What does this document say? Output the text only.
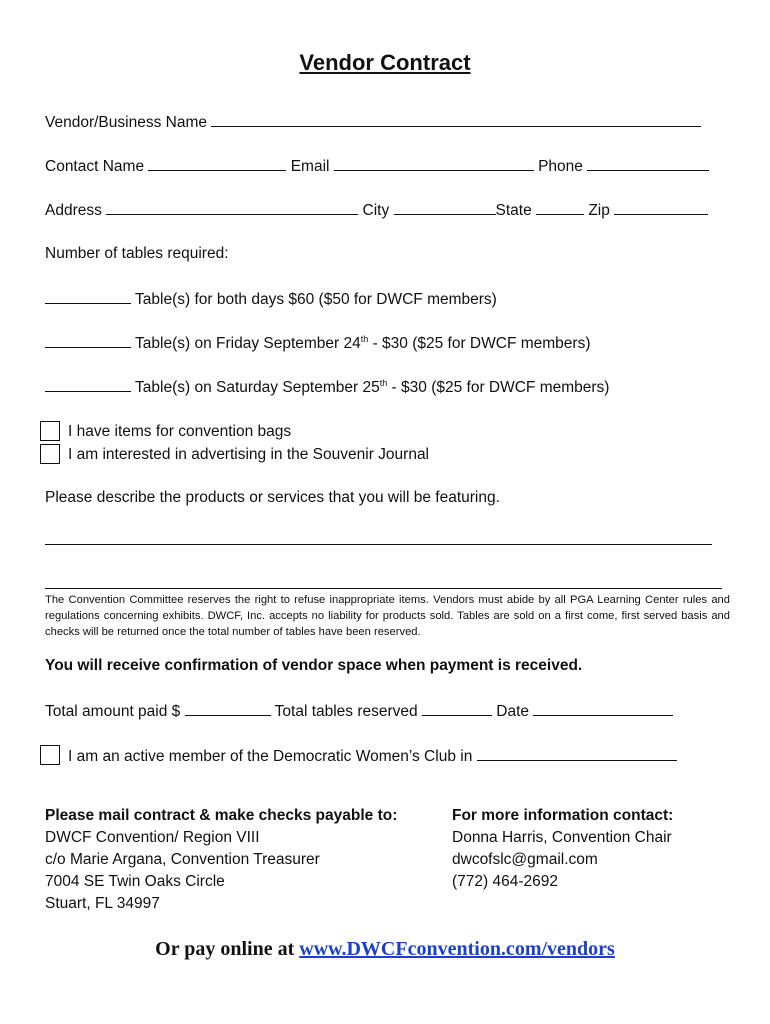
Vendor Contract
Vendor/Business Name
Contact Name	Email	Phone
Address	City	State	Zip
Number of tables required:
Table(s) for both days $60 ($50 for DWCF members)
Table(s) on Friday September 24th - $30 ($25 for DWCF members)
Table(s) on Saturday September 25th - $30 ($25 for DWCF members)
I have items for convention bags
I am interested in advertising in the Souvenir Journal
Please describe the products or services that you will be featuring.
The Convention Committee reserves the right to refuse inappropriate items. Vendors must abide by all PGA Learning Center rules and regulations concerning exhibits. DWCF, Inc. accepts no liability for products sold. Tables are sold on a first come, first served basis and checks will be returned once the total number of tables have been reserved.
You will receive confirmation of vendor space when payment is received.
Total amount paid $	Total tables reserved	Date
I am an active member of the Democratic Women’s Club in
Please mail contract & make checks payable to:
DWCF Convention/ Region VIII
c/o Marie Argana, Convention Treasurer
7004 SE Twin Oaks Circle
Stuart, FL 34997
For more information contact:
Donna Harris, Convention Chair
dwcofslc@gmail.com
(772) 464-2692
Or pay online at www.DWCFconvention.com/vendors
